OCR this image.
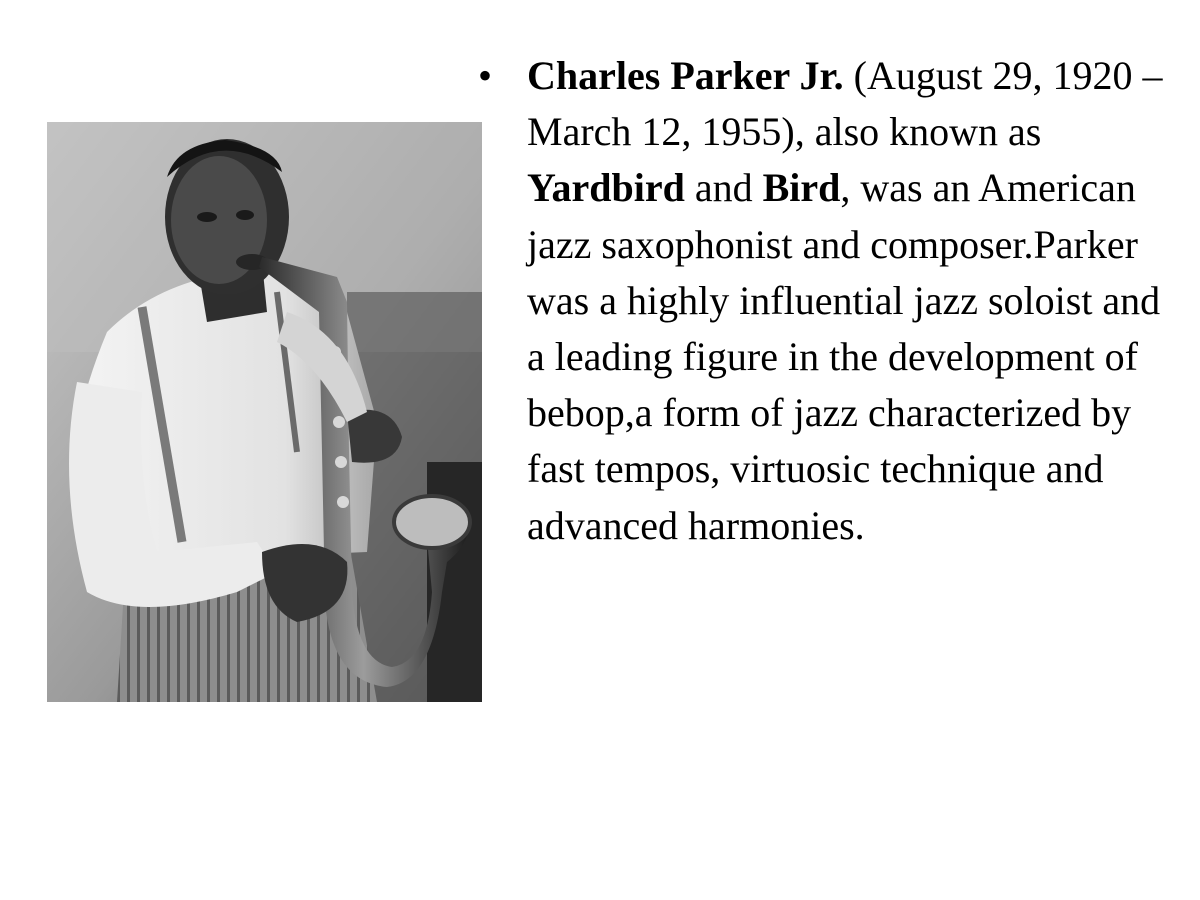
• Charles Parker Jr. (August 29, 1920 – March 12, 1955), also known as Yardbird and Bird, was an American jazz saxophonist and composer.Parker was a highly influential jazz soloist and a leading figure in the development of bebop,a form of jazz characterized by fast tempos, virtuosic technique and advanced harmonies.
